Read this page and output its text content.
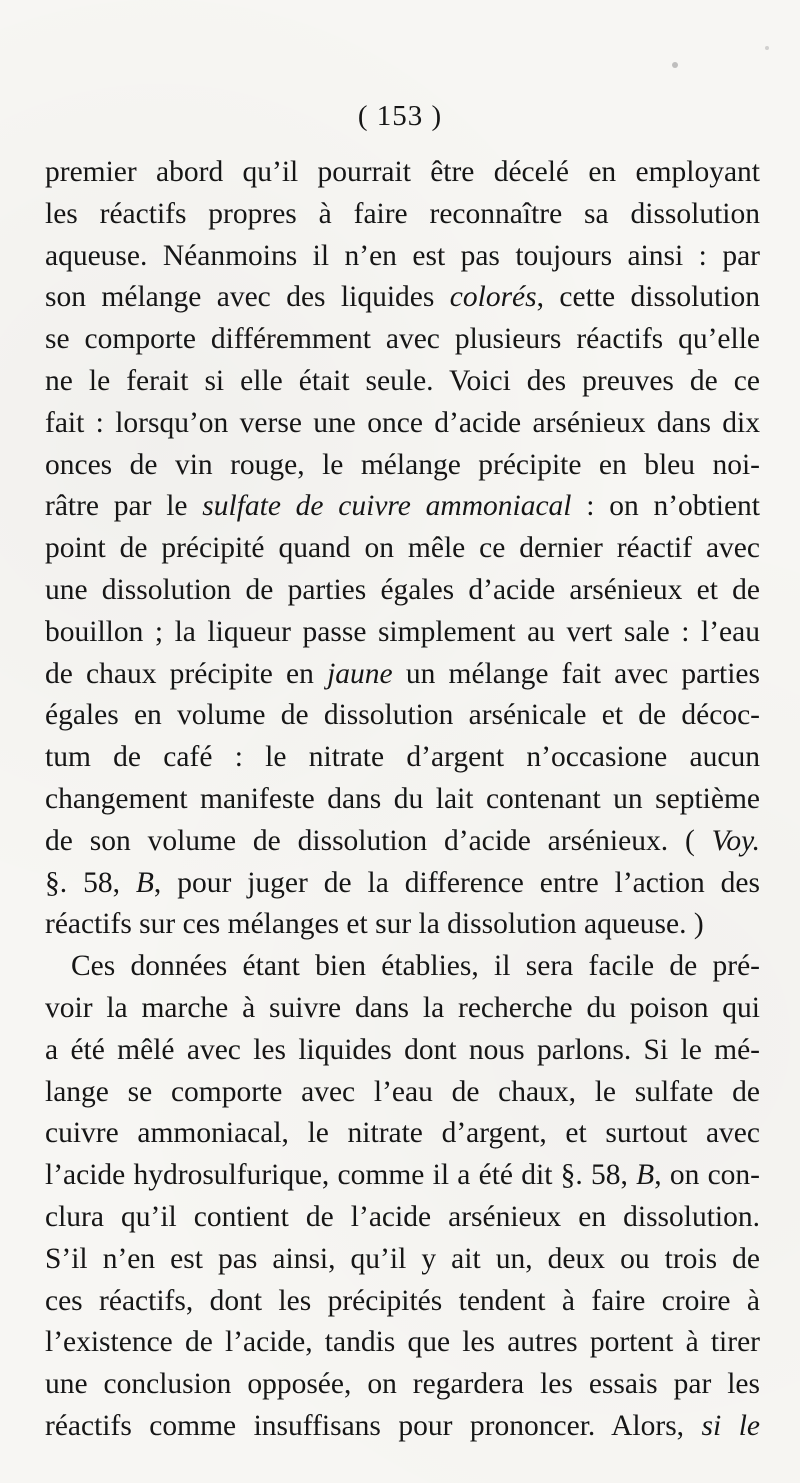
( 153 )
premier abord qu’il pourrait être décelé en employant
les réactifs propres à faire reconnaître sa dissolution
aqueuse. Néanmoins il n’en est pas toujours ainsi : par
son mélange avec des liquides colorés, cette dissolution
se comporte différemment avec plusieurs réactifs qu’elle
ne le ferait si elle était seule. Voici des preuves de ce
fait : lorsqu’on verse une once d’acide arsénieux dans dix
onces de vin rouge, le mélange précipite en bleu noi-
râtre par le sulfate de cuivre ammoniacal : on n’obtient
point de précipité quand on mêle ce dernier réactif avec
une dissolution de parties égales d’acide arsénieux et de
bouillon ; la liqueur passe simplement au vert sale : l’eau
de chaux précipite en jaune un mélange fait avec parties
égales en volume de dissolution arsénicale et de décoc-
tum de café : le nitrate d’argent n’occasione aucun
changement manifeste dans du lait contenant un septième
de son volume de dissolution d’acide arsénieux. ( Voy.
§. 58, B, pour juger de la difference entre l’action des
réactifs sur ces mélanges et sur la dissolution aqueuse. )
Ces données étant bien établies, il sera facile de pré-
voir la marche à suivre dans la recherche du poison qui
a été mêlé avec les liquides dont nous parlons. Si le mé-
lange se comporte avec l’eau de chaux, le sulfate de
cuivre ammoniacal, le nitrate d’argent, et surtout avec
l’acide hydrosulfurique, comme il a été dit §. 58, B, on con-
clura qu’il contient de l’acide arsénieux en dissolution.
S’il n’en est pas ainsi, qu’il y ait un, deux ou trois de
ces réactifs, dont les précipités tendent à faire croire à
l’existence de l’acide, tandis que les autres portent à tirer
une conclusion opposée, on regardera les essais par les
réactifs comme insuffisans pour prononcer. Alors, si le
